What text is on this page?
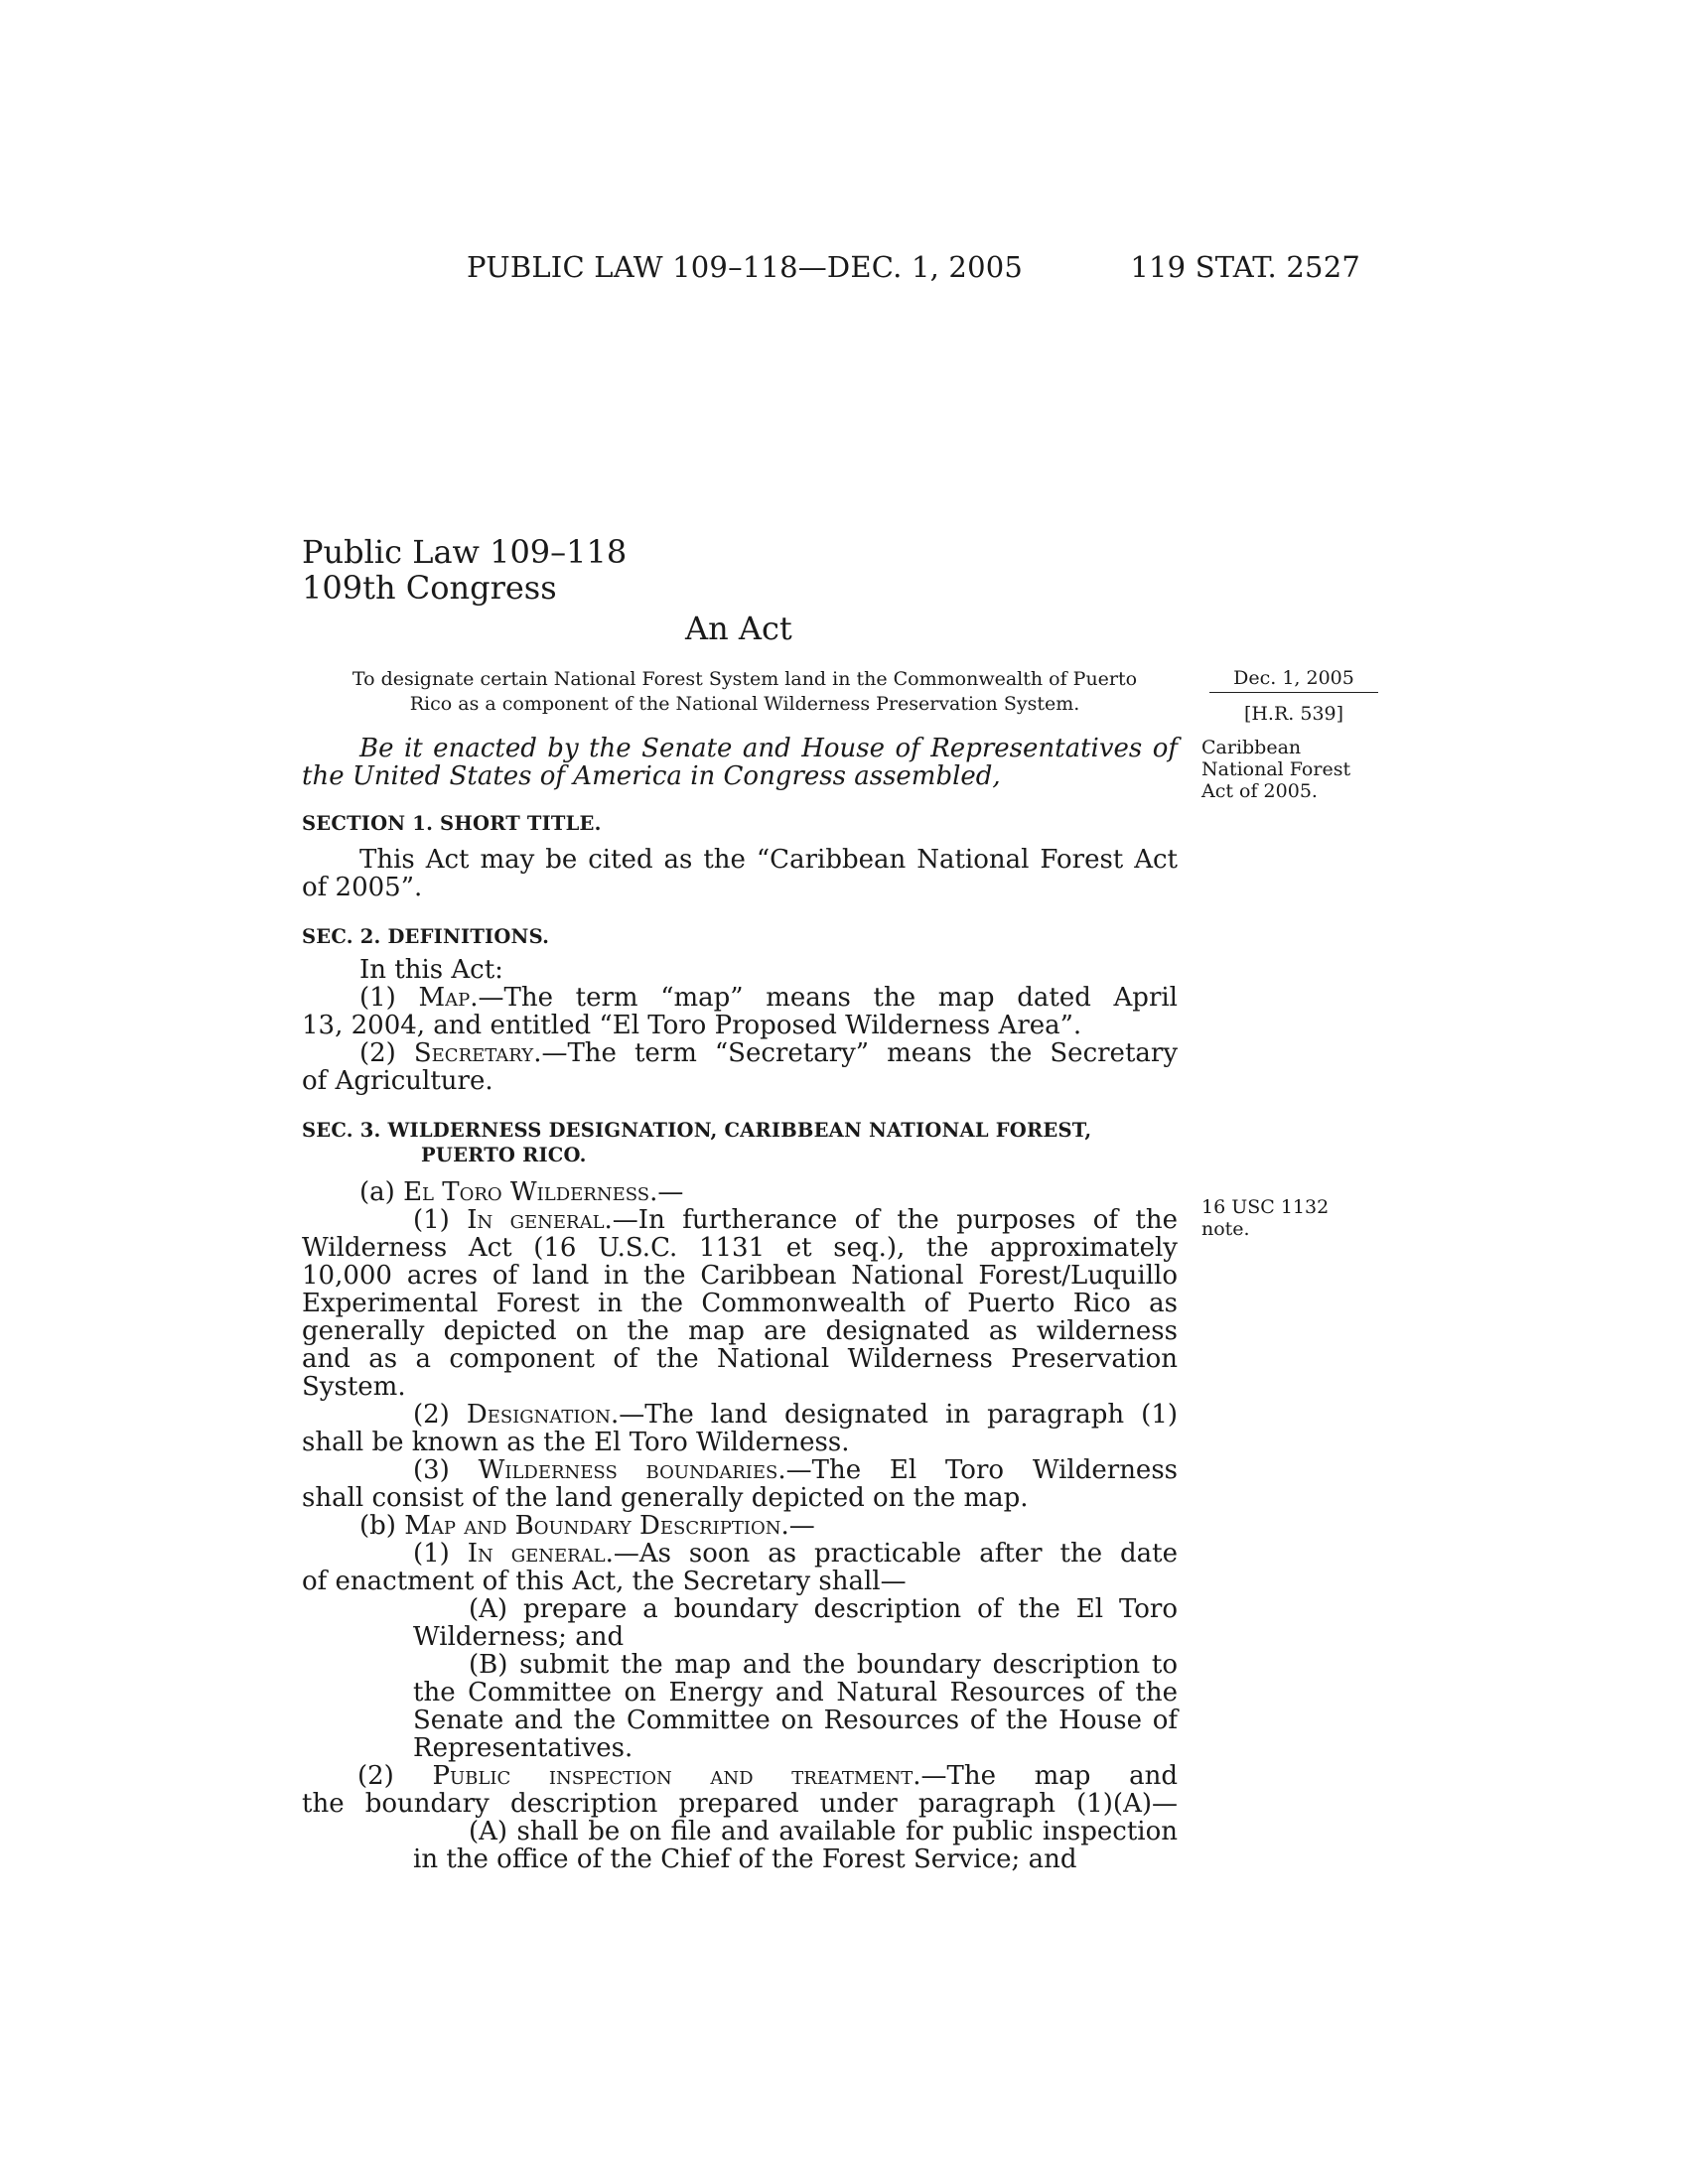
PUBLIC LAW 109–118—DEC. 1, 2005	119 STAT. 2527
Public Law 109–118
109th Congress
An Act
To designate certain National Forest System land in the Commonwealth of Puerto
Rico as a component of the National Wilderness Preservation System.
Dec. 1, 2005
[H.R. 539]
Caribbean
National Forest
Act of 2005.
16 USC 1132
note.
Be it enacted by the Senate and House of Representatives of
the United States of America in Congress assembled,
SECTION 1. SHORT TITLE.
This Act may be cited as the “Caribbean National Forest Act
of 2005”.
SEC. 2. DEFINITIONS.
In this Act:
(1) Map.—The term “map” means the map dated April
13, 2004, and entitled “El Toro Proposed Wilderness Area”.
(2) Secretary.—The term “Secretary” means the Secretary
of Agriculture.
SEC. 3. WILDERNESS DESIGNATION, CARIBBEAN NATIONAL FOREST,
PUERTO RICO.
(a) El Toro Wilderness.—
(1) In general.—In furtherance of the purposes of the
Wilderness Act (16 U.S.C. 1131 et seq.), the approximately
10,000 acres of land in the Caribbean National Forest/Luquillo
Experimental Forest in the Commonwealth of Puerto Rico as
generally depicted on the map are designated as wilderness
and as a component of the National Wilderness Preservation
System.
(2) Designation.—The land designated in paragraph (1)
shall be known as the El Toro Wilderness.
(3) Wilderness boundaries.—The El Toro Wilderness
shall consist of the land generally depicted on the map.
(b) Map and Boundary Description.—
(1) In general.—As soon as practicable after the date
of enactment of this Act, the Secretary shall—
(A) prepare a boundary description of the El Toro
Wilderness; and
(B) submit the map and the boundary description to
the Committee on Energy and Natural Resources of the
Senate and the Committee on Resources of the House of
Representatives.
(2) Public inspection and treatment.—The map and
the boundary description prepared under paragraph (1)(A)—
(A) shall be on file and available for public inspection
in the office of the Chief of the Forest Service; and
